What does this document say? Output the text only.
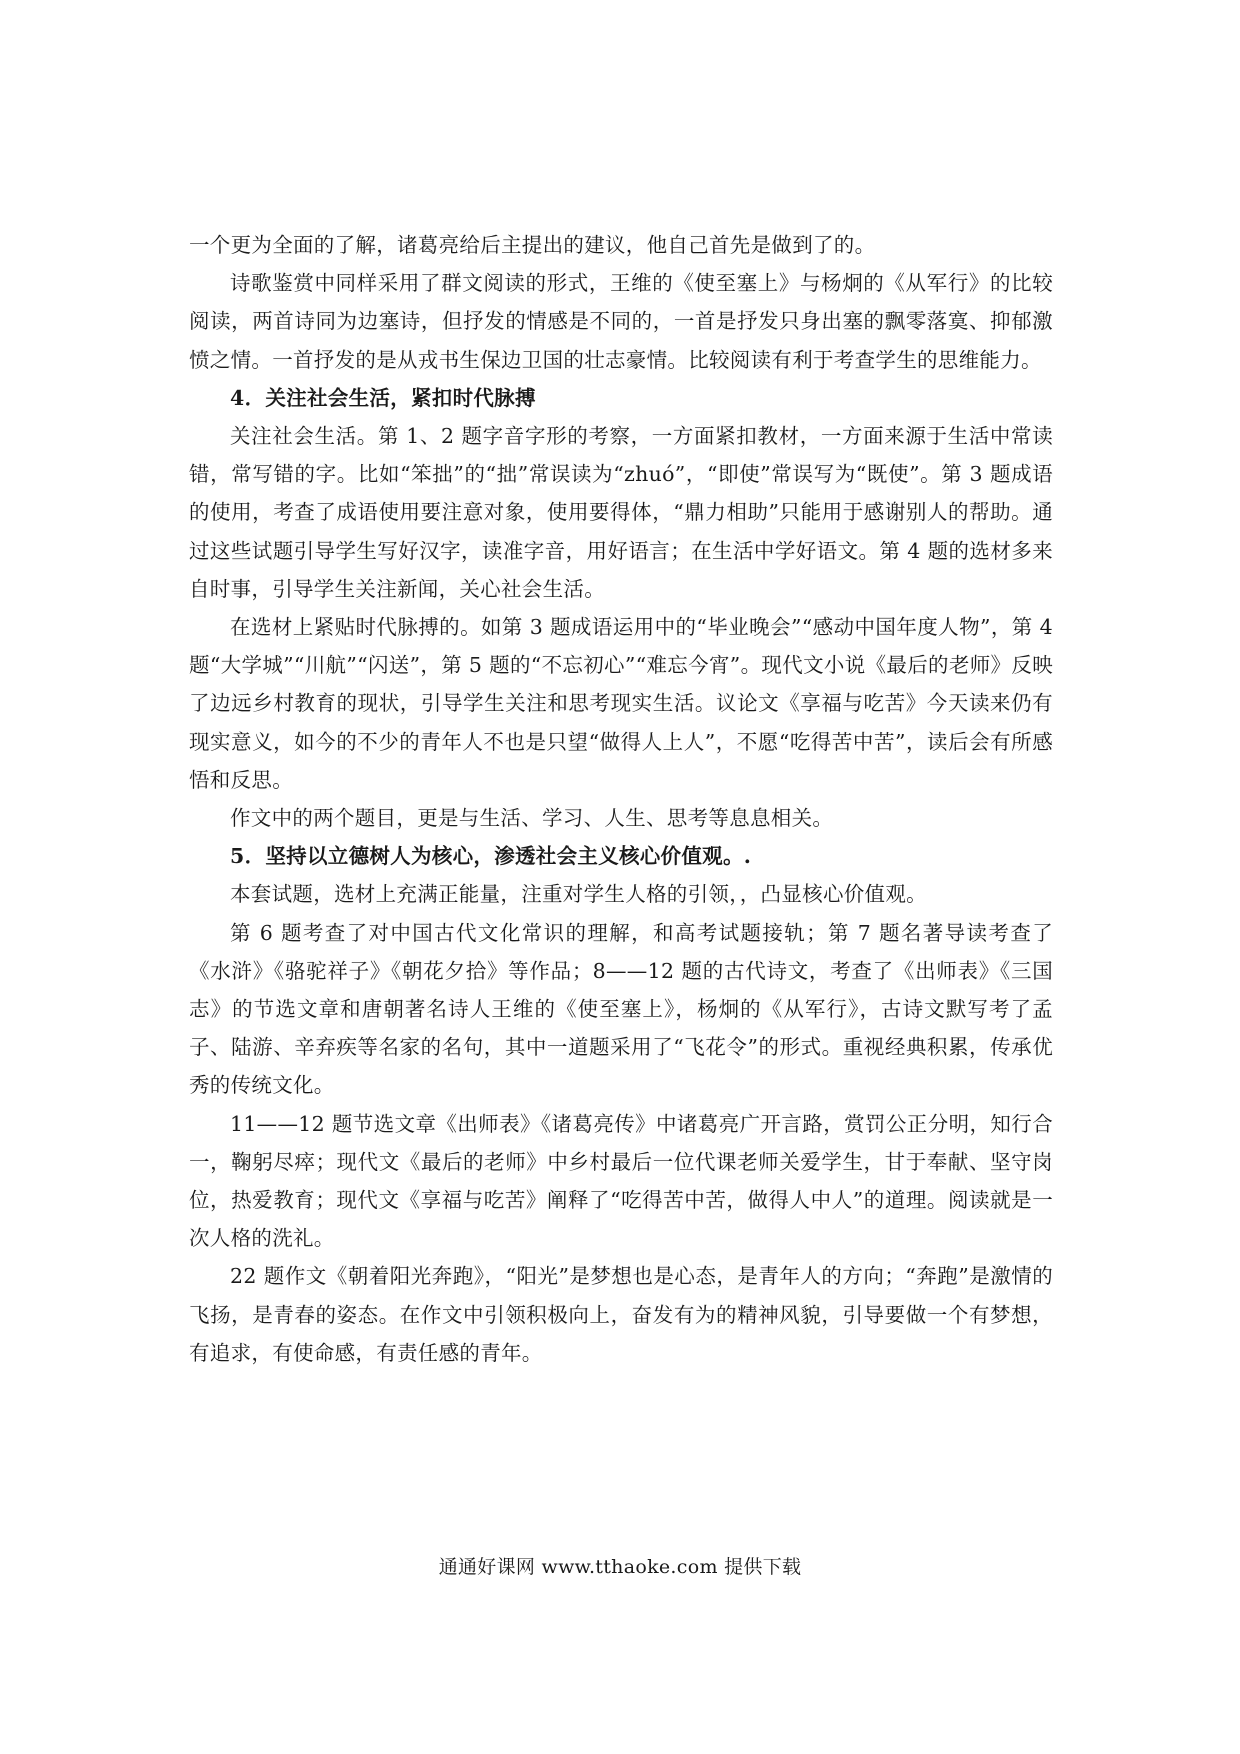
一个更为全面的了解，诸葛亮给后主提出的建议，他自己首先是做到了的。

诗歌鉴赏中同样采用了群文阅读的形式，王维的《使至塞上》与杨炯的《从军行》的比较阅读，两首诗同为边塞诗，但抒发的情感是不同的，一首是抒发只身出塞的飘零落寞、抑郁激愤之情。一首抒发的是从戎书生保边卫国的壮志豪情。比较阅读有利于考查学生的思维能力。

4．关注社会生活，紧扣时代脉搏

关注社会生活。第 1、2 题字音字形的考察，一方面紧扣教材，一方面来源于生活中常读错，常写错的字。比如“笨拙”的“拙”常误读为“zhuó”，“即使”常误写为“既使”。第 3 题成语的使用，考查了成语使用要注意对象，使用要得体，“鼎力相助”只能用于感谢别人的帮助。通过这些试题引导学生写好汉字，读准字音，用好语言；在生活中学好语文。第 4 题的选材多来自时事，引导学生关注新闻，关心社会生活。

在选材上紧贴时代脉搏的。如第 3 题成语运用中的“毕业晚会”“感动中国年度人物”，第 4 题“大学城”“川航”“闪送”，第 5 题的“不忘初心”“难忘今宵”。现代文小说《最后的老师》反映了边远乡村教育的现状，引导学生关注和思考现实生活。议论文《享福与吃苦》今天读来仍有现实意义，如今的不少的青年人不也是只望“做得人上人”，不愿“吃得苦中苦”，读后会有所感悟和反思。

作文中的两个题目，更是与生活、学习、人生、思考等息息相关。

5．坚持以立德树人为核心，渗透社会主义核心价值观。.

本套试题，选材上充满正能量，注重对学生人格的引领，，凸显核心价值观。

第 6 题考查了对中国古代文化常识的理解，和高考试题接轨；第 7 题名著导读考查了《水浒》《骆驼祥子》《朝花夕拾》等作品；8——12 题的古代诗文，考查了《出师表》《三国志》的节选文章和唐朝著名诗人王维的《使至塞上》，杨炯的《从军行》，古诗文默写考了孟子、陆游、辛弃疾等名家的名句，其中一道题采用了“飞花令”的形式。重视经典积累，传承优秀的传统文化。

11——12 题节选文章《出师表》《诸葛亮传》中诸葛亮广开言路，赏罚公正分明，知行合一，鞠躬尽瘁；现代文《最后的老师》中乡村最后一位代课老师关爱学生，甘于奉献、坚守岗位，热爱教育；现代文《享福与吃苦》阐释了“吃得苦中苦，做得人中人”的道理。阅读就是一次人格的洗礼。

22 题作文《朝着阳光奔跑》，“阳光”是梦想也是心态，是青年人的方向；“奔跑”是激情的飞扬，是青春的姿态。在作文中引领积极向上，奋发有为的精神风貌，引导要做一个有梦想，有追求，有使命感，有责任感的青年。

通通好课网 www.tthaoke.com 提供下载
